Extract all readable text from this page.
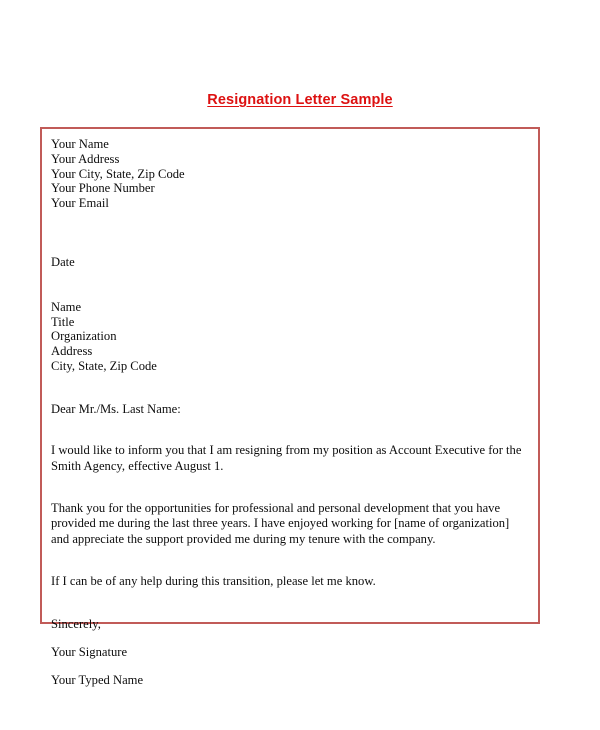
Resignation Letter Sample
Your Name
Your Address
Your City, State, Zip Code
Your Phone Number
Your Email
Date
Name
Title
Organization
Address
City, State, Zip Code

Dear Mr./Ms. Last Name:

I would like to inform you that I am resigning from my position as Account Executive for the Smith Agency, effective August 1.

Thank you for the opportunities for professional and personal development that you have provided me during the last three years. I have enjoyed working for [name of organization] and appreciate the support provided me during my tenure with the company.

If I can be of any help during this transition, please let me know.

Sincerely,
Your Signature
Your Typed Name
